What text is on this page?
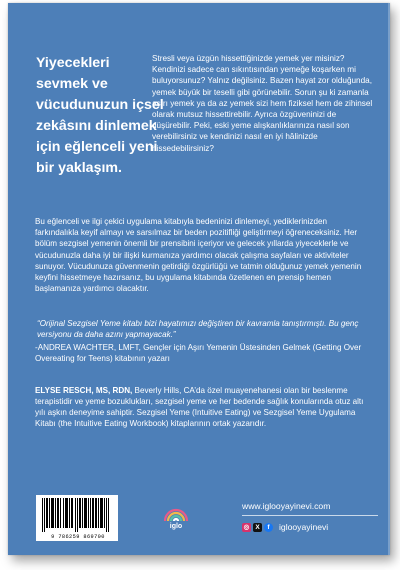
Yiyecekleri sevmek ve vücudunuzun içsel zekâsını dinlemek için eğlenceli yeni bir yaklaşım.
Stresli veya üzgün hissettiğinizde yemek yer misiniz? Kendinizi sadece can sıkıntısından yemeğe koşarken mi buluyorsunuz? Yalnız değilsiniz. Bazen hayat zor olduğunda, yemek büyük bir teselli gibi görünebilir. Sorun şu ki zamanla aşırı yemek ya da az yemek sizi hem fiziksel hem de zihinsel olarak mutsuz hissettirebilir. Ayrıca özgüveninizi de düşürebilir. Peki, eski yeme alışkanlıklarınıza nasıl son verebilirsiniz ve kendinizi nasıl en iyi hâlinizde hissedebilirsiniz?
Bu eğlenceli ve ilgi çekici uygulama kitabıyla bedeninizi dinlemeyi, yediklerinizden farkındalıkla keyif almayı ve sarsılmaz bir beden pozitifliği geliştirmeyi öğreneceksiniz. Her bölüm sezgisel yemenin önemli bir prensibini içeriyor ve gelecek yıllarda yiyeceklerle ve vücudunuzla daha iyi bir ilişki kurmanıza yardımcı olacak çalışma sayfaları ve aktiviteler sunuyor. Vücudunuza güvenmenin getirdiği özgürlüğü ve tatmin olduğunuz yemek yemenin keyfini hissetmeye hazırsanız, bu uygulama kitabında özetlenen en prensip hemen başlamanıza yardımcı olacaktır.
“Orijinal Sezgisel Yeme kitabı bizi hayatımızı değiştiren bir kavramla tanıştırmıştı. Bu genç versiyonu da daha azını yapmayacak.”
-ANDREA WACHTER, LMFT, Gençler için Aşırı Yemenin Üstesinden Gelmek (Getting Over Overeating for Teens) kitabının yazarı
ELYSE RESCH, MS, RDN, Beverly Hills, CA’da özel muayenehanesi olan bir beslenme terapistidir ve yeme bozuklukları, sezgisel yeme ve her bedende sağlık konularında otuz altı yılı aşkın deneyime sahiptir. Sezgisel Yeme (Intuitive Eating) ve Sezgisel Yeme Uygulama Kitabı (the Intuitive Eating Workbook) kitaplarının ortak yazarıdır.
9 786259 869700
iglo
www.iglooyayinevi.com
◎ X	f	iglooyayinevi
